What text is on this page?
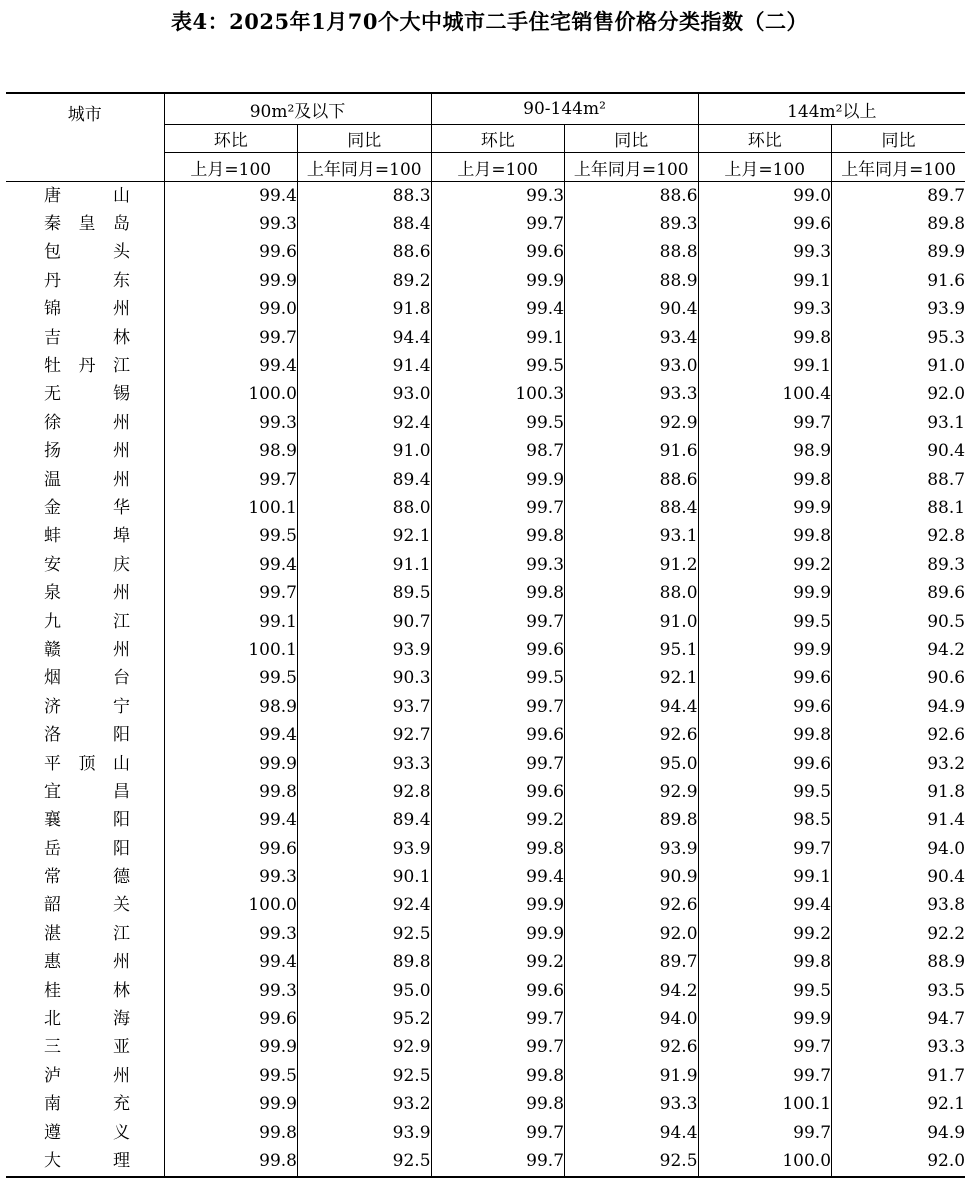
表4：2025年1月70个大中城市二手住宅销售价格分类指数（二）
城市	90m²及以下		90-144m²		144m²以上	
	环比	同比	环比	同比	环比	同比
	上月=100	上年同月=100	上月=100	上年同月=100	上月=100	上年同月=100

唐 山	99.4	88.3	99.3	88.6	99.0	89.7

秦 皇 岛	99.3	88.4	99.7	89.3	99.6	89.8

包 头	99.6	88.6	99.6	88.8	99.3	89.9

丹 东	99.9	89.2	99.9	88.9	99.1	91.6

锦 州	99.0	91.8	99.4	90.4	99.3	93.9

吉 林	99.7	94.4	99.1	93.4	99.8	95.3

牡 丹 江	99.4	91.4	99.5	93.0	99.1	91.0

无 锡	100.0	93.0	100.3	93.3	100.4	92.0

徐 州	99.3	92.4	99.5	92.9	99.7	93.1

扬 州	98.9	91.0	98.7	91.6	98.9	90.4

温 州	99.7	89.4	99.9	88.6	99.8	88.7

金 华	100.1	88.0	99.7	88.4	99.9	88.1

蚌 埠	99.5	92.1	99.8	93.1	99.8	92.8

安 庆	99.4	91.1	99.3	91.2	99.2	89.3

泉 州	99.7	89.5	99.8	88.0	99.9	89.6

九 江	99.1	90.7	99.7	91.0	99.5	90.5

赣 州	100.1	93.9	99.6	95.1	99.9	94.2

烟 台	99.5	90.3	99.5	92.1	99.6	90.6

济 宁	98.9	93.7	99.7	94.4	99.6	94.9

洛 阳	99.4	92.7	99.6	92.6	99.8	92.6

平 顶 山	99.9	93.3	99.7	95.0	99.6	93.2

宜 昌	99.8	92.8	99.6	92.9	99.5	91.8

襄 阳	99.4	89.4	99.2	89.8	98.5	91.4

岳 阳	99.6	93.9	99.8	93.9	99.7	94.0

常 德	99.3	90.1	99.4	90.9	99.1	90.4

韶 关	100.0	92.4	99.9	92.6	99.4	93.8

湛 江	99.3	92.5	99.9	92.0	99.2	92.2

惠 州	99.4	89.8	99.2	89.7	99.8	88.9

桂 林	99.3	95.0	99.6	94.2	99.5	93.5

北 海	99.6	95.2	99.7	94.0	99.9	94.7

三 亚	99.9	92.9	99.7	92.6	99.7	93.3

泸 州	99.5	92.5	99.8	91.9	99.7	91.7

南 充	99.9	93.2	99.8	93.3	100.1	92.1

遵 义	99.8	93.9	99.7	94.4	99.7	94.9

大 理	99.8	92.5	99.7	92.5	100.0	92.0
